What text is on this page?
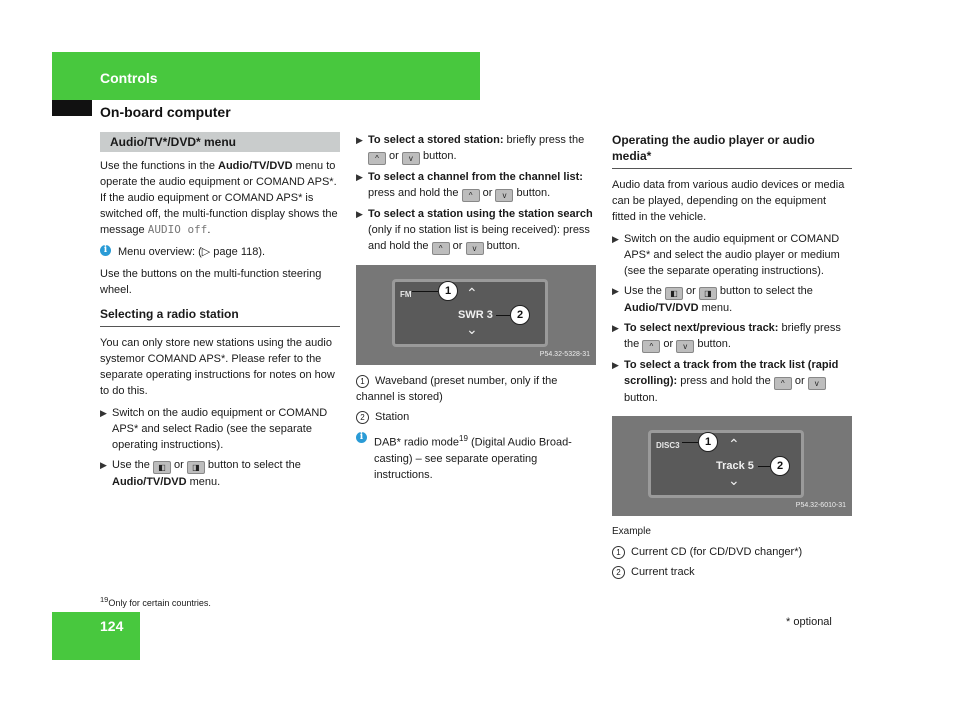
Controls
On-board computer
Audio/TV*/DVD* menu

Use the functions in the Audio/TV/DVD menu to operate the audio equipment or COMAND APS*. If the audio equipment or COMAND APS* is switched off, the multi-function display shows the message AUDIO off.

i Menu overview: (▷ page 118).

Use the buttons on the multi-function steering wheel.

Selecting a radio station

You can only store new stations using the audio systemor COMAND APS*. Please refer to the separate operating instructions for notes on how to do this.

▶ Switch on the audio equipment or COMAND APS* and select Radio (see the separate operating instructions).
▶ Use the ◧ or ◨ button to select the Audio/TV/DVD menu.
▶ To select a stored station: briefly press the ^ or v button.
▶ To select a channel from the channel list: press and hold the ^ or v button.
▶ To select a station using the station search (only if no station list is being received): press and hold the ^ or v button.
FM	⌃
SWR 3
⌄
1
2
P54.32-5328-31
1 Waveband (preset number, only if the channel is stored)
2 Station
i DAB* radio mode$^{19}$ (Digital Audio Broad-casting) – see separate operating instructions.
Operating the audio player or audio media*

Audio data from various audio devices or media can be played, depending on the equipment fitted in the vehicle.

▶ Switch on the audio equipment or COMAND APS* and select the audio player or medium (see the separate operating instructions).
▶ Use the ◧ or ◨ button to select the Audio/TV/DVD menu.
▶ To select next/previous track: briefly press the ^ or v button.
▶ To select a track from the track list (rapid scrolling): press and hold the ^ or v button.
DISC3	⌃
Track 5
⌄
1
2
P54.32-6010-31
Example
1 Current CD (for CD/DVD changer*)
2 Current track
$^{19}$Only for certain countries.
124	* optional
